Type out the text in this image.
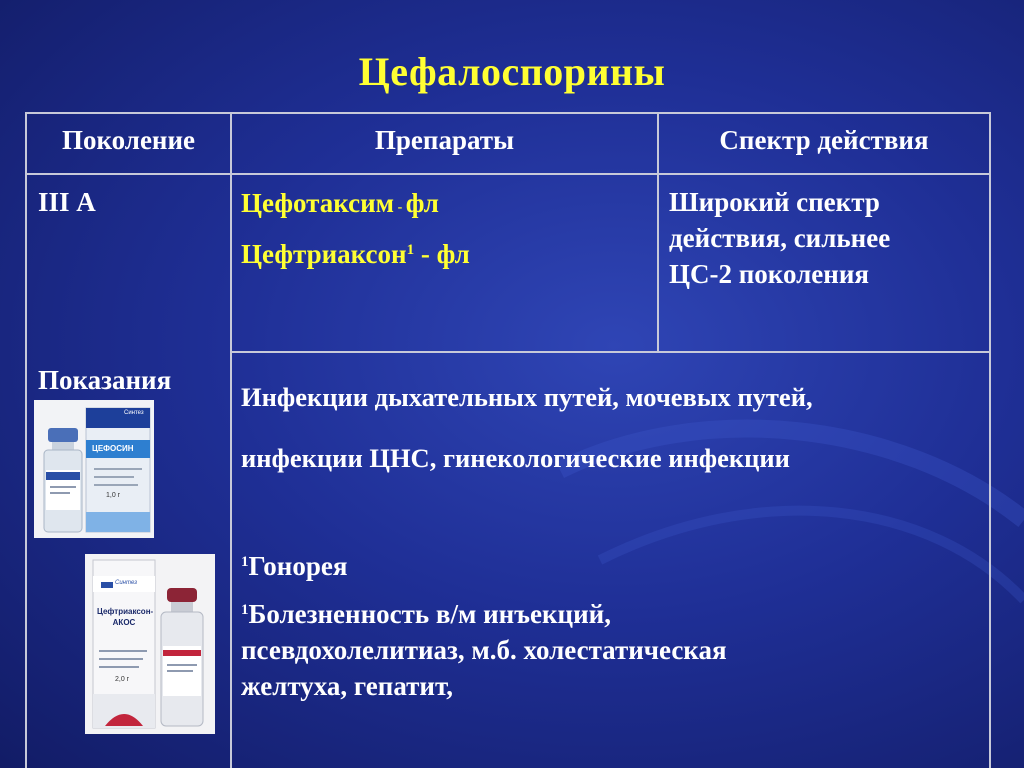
Цефалоспорины
Поколение	Препараты	Спектр действия
III А
Показания
Цефотаксим - фл
Цефтриаксон$^1$ - фл
Широкий спектр
действия, сильнее
ЦС-2 поколения
Инфекции дыхательных путей, мочевых путей,
инфекции ЦНС, гинекологические инфекции
$^1$Гонорея
$^1$Болезненность в/м инъекций,
псевдохолелитиаз, м.б. холестатическая
желтуха, гепатит,
Синтез
ЦЕФОСИН
1,0 г
Синтез
Цефтриаксон-АКОС
2,0 г
